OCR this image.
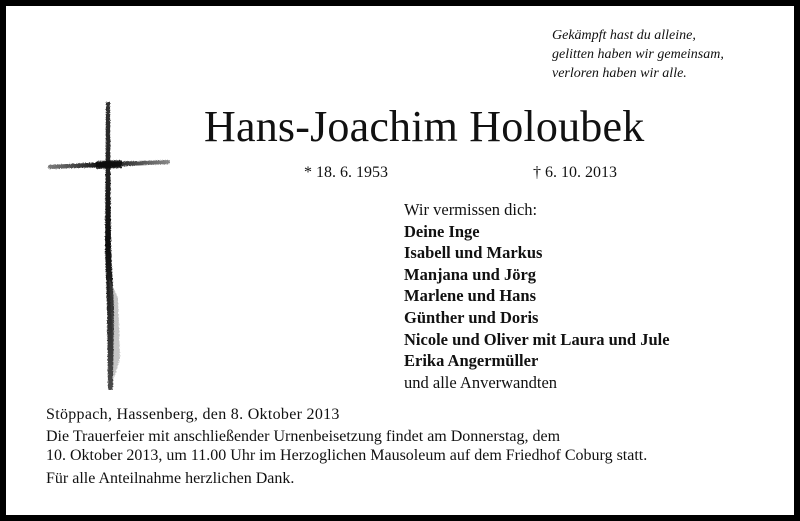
Gekämpft hast du alleine,
gelitten haben wir gemeinsam,
verloren haben wir alle.
Hans-Joachim Holoubek
* 18. 6. 1953	† 6. 10. 2013
Wir vermissen dich:
Deine Inge
Isabell und Markus
Manjana und Jörg
Marlene und Hans
Günther und Doris
Nicole und Oliver mit Laura und Jule
Erika Angermüller
und alle Anverwandten
Stöppach, Hassenberg, den 8. Oktober 2013
Die Trauerfeier mit anschließender Urnenbeisetzung findet am Donnerstag, dem
10. Oktober 2013, um 11.00 Uhr im Herzoglichen Mausoleum auf dem Friedhof Coburg statt.
Für alle Anteilnahme herzlichen Dank.
